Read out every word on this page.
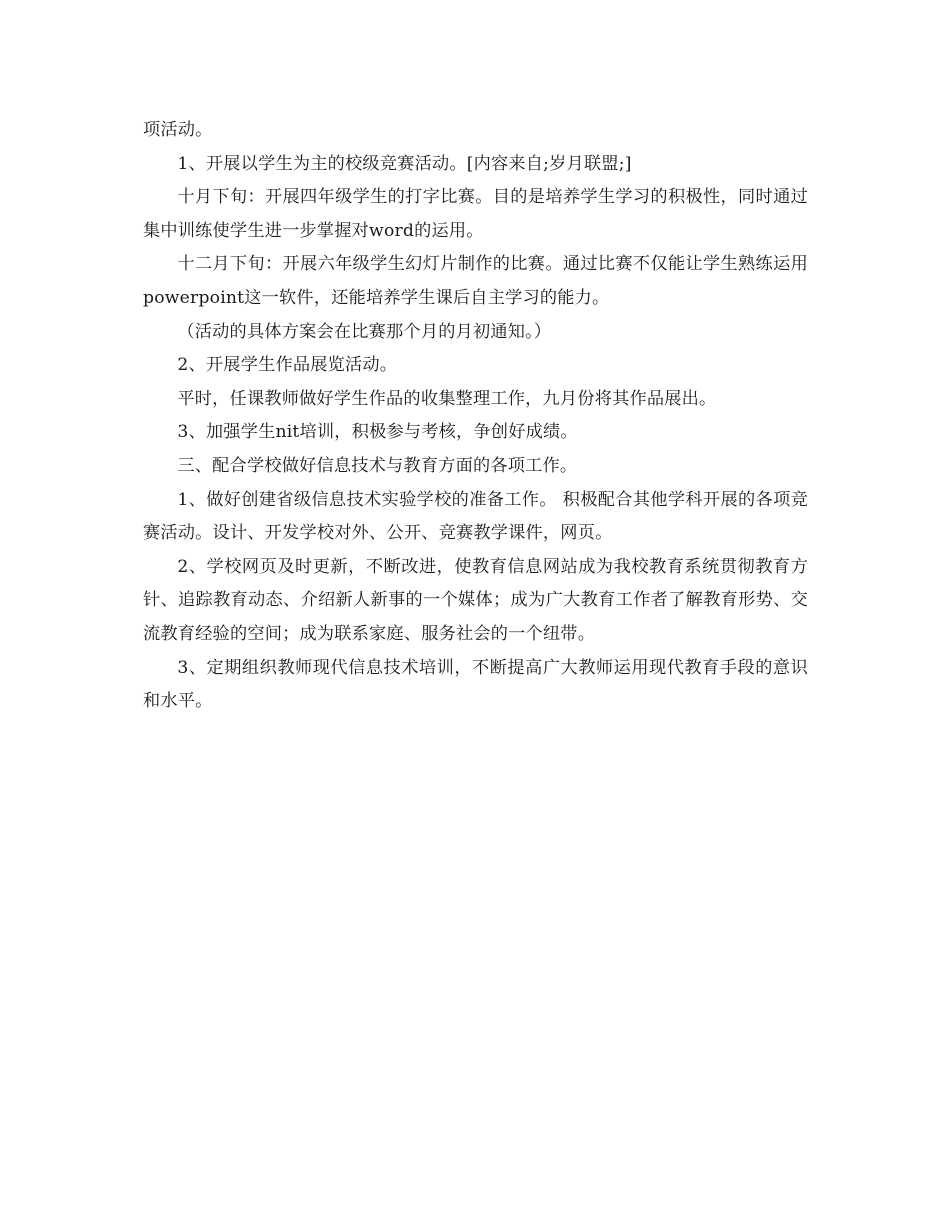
项活动。

1、开展以学生为主的校级竞赛活动。[内容来自;岁月联盟;]

十月下旬：开展四年级学生的打字比赛。目的是培养学生学习的积极性，同时通过集中训练使学生进一步掌握对word的运用。

十二月下旬：开展六年级学生幻灯片制作的比赛。通过比赛不仅能让学生熟练运用powerpoint这一软件，还能培养学生课后自主学习的能力。

（活动的具体方案会在比赛那个月的月初通知。）

2、开展学生作品展览活动。

平时，任课教师做好学生作品的收集整理工作，九月份将其作品展出。

3、加强学生nit培训，积极参与考核，争创好成绩。

三、配合学校做好信息技术与教育方面的各项工作。

1、做好创建省级信息技术实验学校的准备工作。 积极配合其他学科开展的各项竞赛活动。设计、开发学校对外、公开、竞赛教学课件，网页。

2、学校网页及时更新，不断改进，使教育信息网站成为我校教育系统贯彻教育方针、追踪教育动态、介绍新人新事的一个媒体；成为广大教育工作者了解教育形势、交流教育经验的空间；成为联系家庭、服务社会的一个纽带。

3、定期组织教师现代信息技术培训，不断提高广大教师运用现代教育手段的意识和水平。
